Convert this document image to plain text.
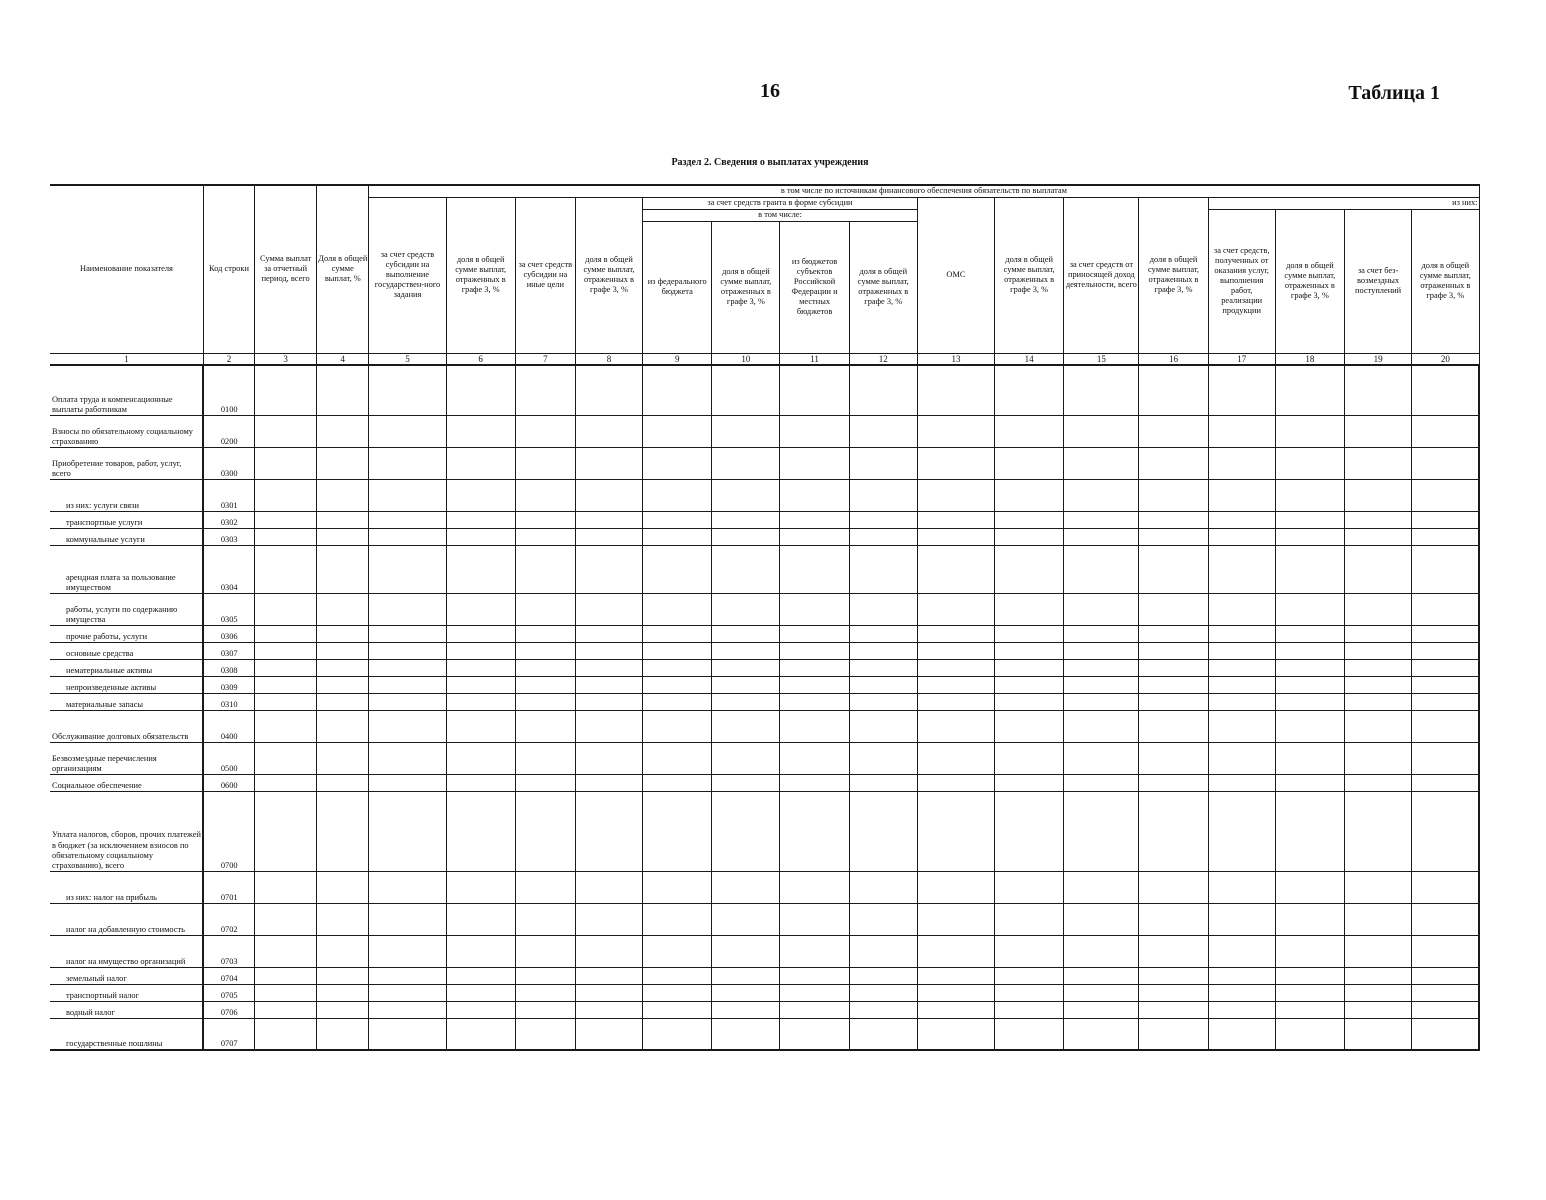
16	Таблица 1
Раздел 2. Сведения о выплатах учреждения
Наименование показателя	Код строки	Сумма выплат за отчетный период, всего	Доля в общей сумме выплат, %	в том числе по источникам финансового обеспечения обязательств по выплатам															
				за счет средств субсидии на выполнение государствен-ного задания	доля в общей сумме выплат, отраженных в графе 3, %	за счет средств субсидии на иные цели	доля в общей сумме выплат, отраженных в графе 3, %	за счет средств гранта в форме субсидии				ОМС	доля в общей сумме выплат, отраженных в графе 3, %	за счет средств от приносящей доход деятельности, всего	доля в общей сумме выплат, отраженных в графе 3, %	из них:			
								в том числе:								за счет средств, полученных от оказания услуг, выполнения работ, реализации продукции	доля в общей сумме выплат, отраженных в графе 3, %	за счет без-возмездных поступлений	доля в общей сумме выплат, отраженных в графе 3, %
								из федерального бюджета	доля в общей сумме выплат, отраженных в графе 3, %	из бюджетов субъектов Российской Федерации и местных бюджетов	доля в общей сумме выплат, отраженных в графе 3, %								
1	2	3	4	5	6	7	8	9	10	11	12	13	14	15	16	17	18	19	20
Оплата труда и компенсационные выплаты работникам	0100																		
Взносы по обязательному социальному страхованию	0200																		
Приобретение товаров, работ, услуг, всего	0300																		
из них: услуги связи	0301																		
транспортные услуги	0302																		
коммунальные услуги	0303																		
арендная плата за пользование имуществом	0304																		
работы, услуги по содержанию имущества	0305																		
прочие работы, услуги	0306																		
основные средства	0307																		
нематериальные активы	0308																		
непроизведенные активы	0309																		
материальные запасы	0310																		
Обслуживание долговых обязательств	0400																		
Безвозмездные перечисления организациям	0500																		
Социальное обеспечение	0600																		
Уплата налогов, сборов, прочих платежей в бюджет (за исключением взносов по обязательному социальному страхованию), всего	0700																		
из них: налог на прибыль	0701																		
налог на добавленную стоимость	0702																		
налог на имущество организаций	0703																		
земельный налог	0704																		
транспортный налог	0705																		
водный налог	0706																		
государственные пошлины	0707																		
